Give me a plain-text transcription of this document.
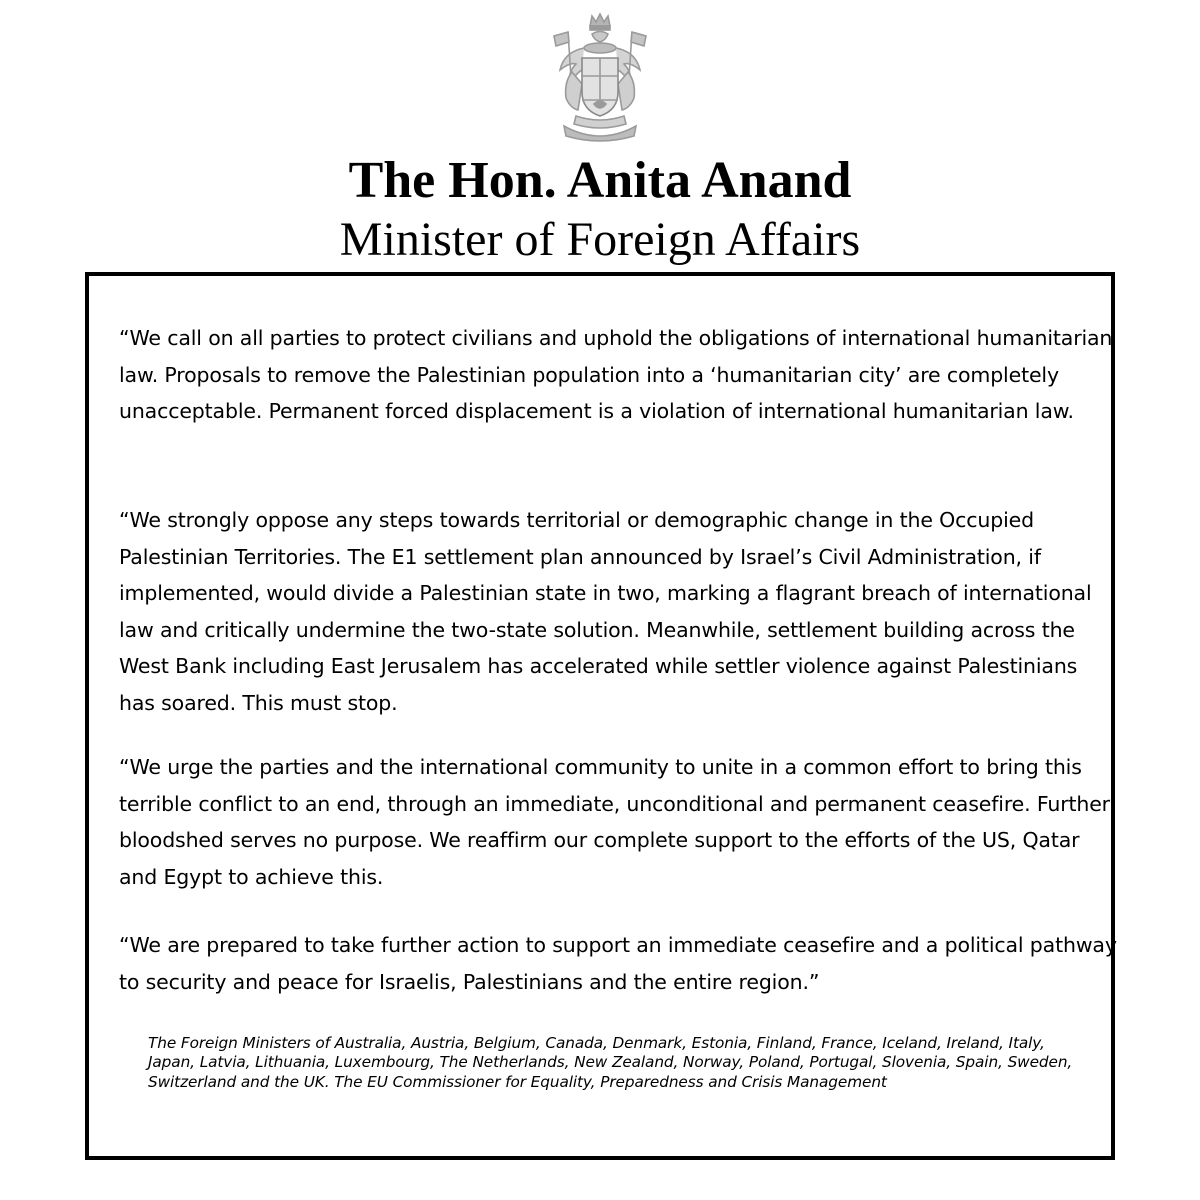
The Hon. Anita Anand
Minister of Foreign Affairs

“We call on all parties to protect civilians and uphold the obligations of international humanitarian law. Proposals to remove the Palestinian population into a ‘humanitarian city’ are completely unacceptable. Permanent forced displacement is a violation of international humanitarian law.

“We strongly oppose any steps towards territorial or demographic change in the Occupied Palestinian Territories. The E1 settlement plan announced by Israel’s Civil Administration, if implemented, would divide a Palestinian state in two, marking a flagrant breach of international law and critically undermine the two-state solution. Meanwhile, settlement building across the West Bank including East Jerusalem has accelerated while settler violence against Palestinians has soared. This must stop.

“We urge the parties and the international community to unite in a common effort to bring this terrible conflict to an end, through an immediate, unconditional and permanent ceasefire. Further bloodshed serves no purpose. We reaffirm our complete support to the efforts of the US, Qatar and Egypt to achieve this.

“We are prepared to take further action to support an immediate ceasefire and a political pathway to security and peace for Israelis, Palestinians and the entire region.”

The Foreign Ministers of Australia, Austria, Belgium, Canada, Denmark, Estonia, Finland, France, Iceland, Ireland, Italy, Japan, Latvia, Lithuania, Luxembourg, The Netherlands, New Zealand, Norway, Poland, Portugal, Slovenia, Spain, Sweden, Switzerland and the UK. The EU Commissioner for Equality, Preparedness and Crisis Management
